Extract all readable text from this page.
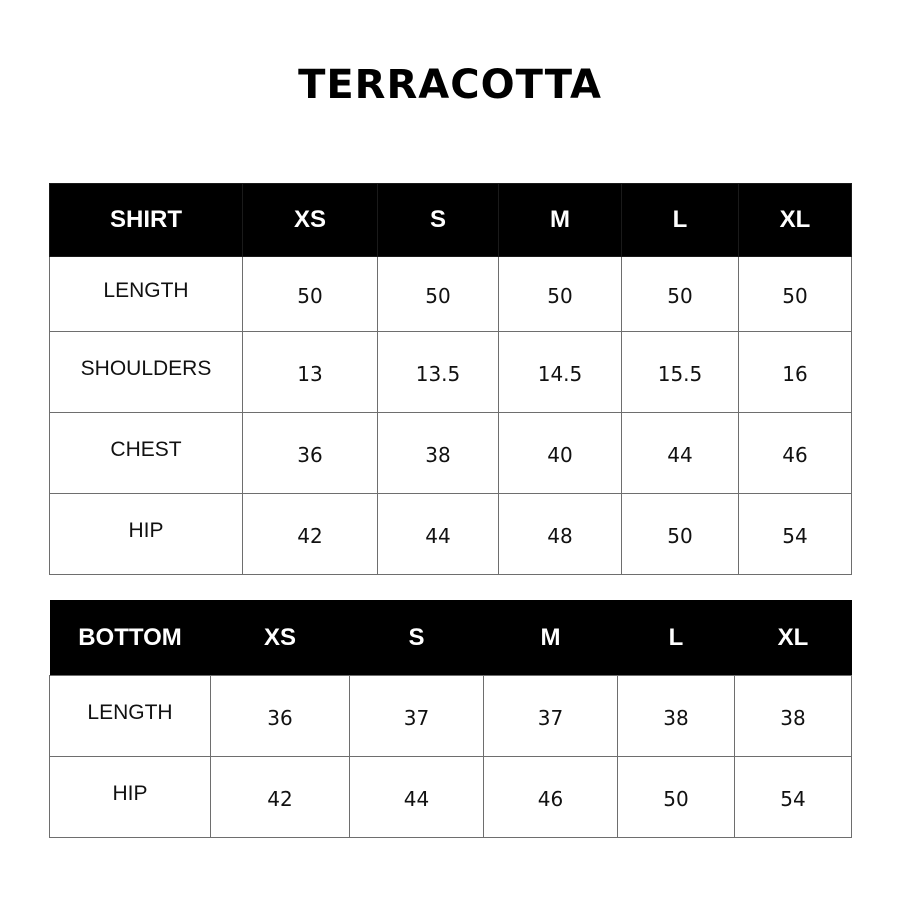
TERRACOTTA
SHIRT	XS	S	M	L	XL
LENGTH	50	50	50	50	50
SHOULDERS	13	13.5	14.5	15.5	16
CHEST	36	38	40	44	46
HIP	42	44	48	50	54
BOTTOM	XS	S	M	L	XL
LENGTH	36	37	37	38	38
HIP	42	44	46	50	54
